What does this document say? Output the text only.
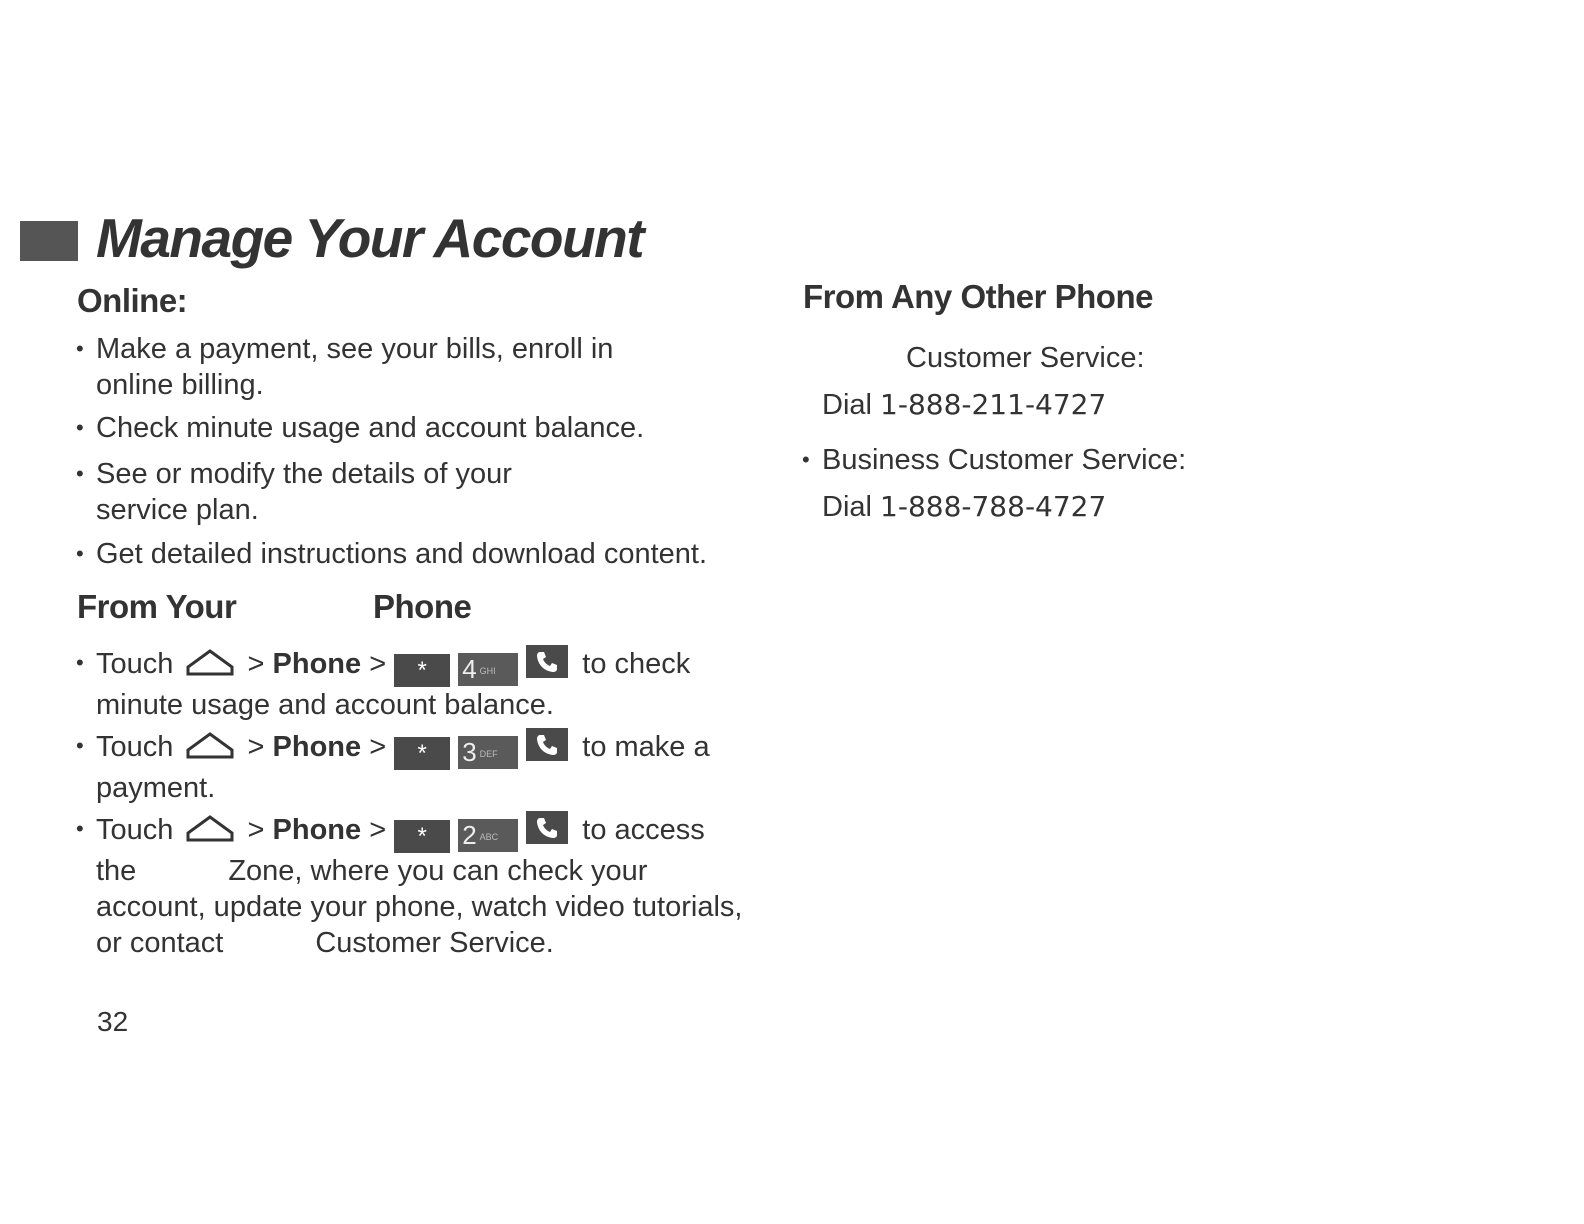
Manage Your Account
Online:
• Make a payment, see your bills, enroll in
online billing.
• Check minute usage and account balance.
• See or modify the details of your
service plan.
• Get detailed instructions and download content.
From Your	Phone
• Touch	> Phone > * 4 GHI	to check
minute usage and account balance.
• Touch	> Phone > * 3 DEF	to make a
payment.
• Touch	> Phone > * 2 ABC	to access
the	Zone, where you can check your
account, update your phone, watch video tutorials,
or contact	Customer Service.
From Any Other Phone
Customer Service:
Dial 1-888-211-4727
• Business Customer Service:
Dial 1-888-788-4727
32
